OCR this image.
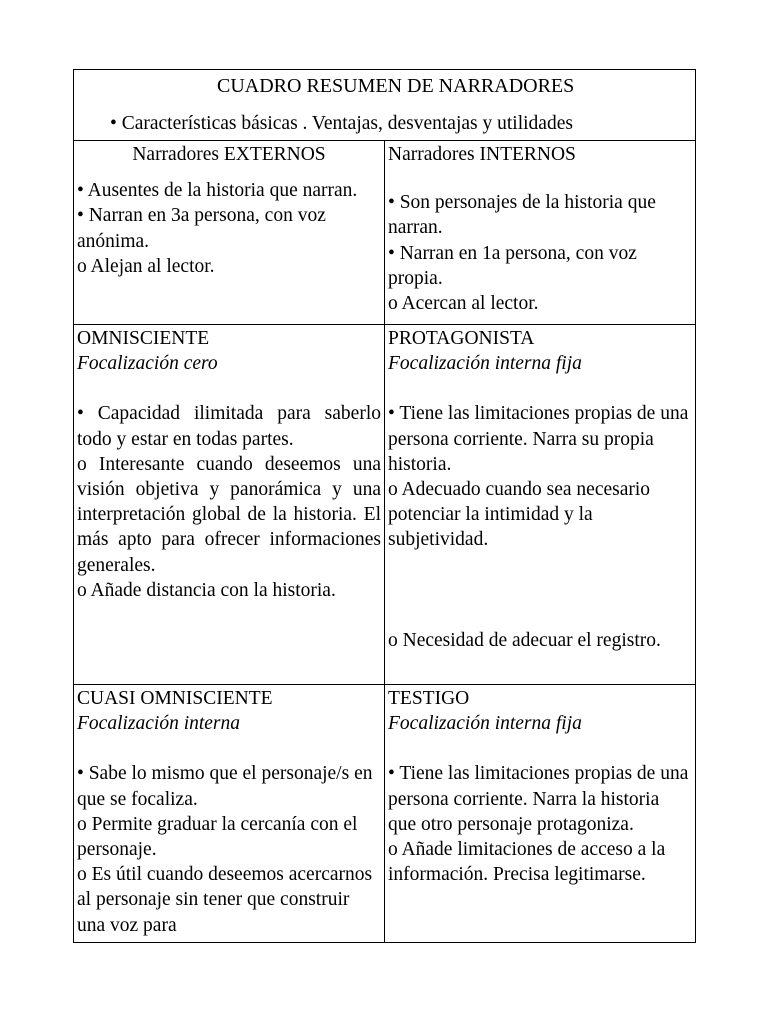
CUADRO RESUMEN DE NARRADORES
• Características básicas . Ventajas, desventajas y utilidades

Narradores EXTERNOS

• Ausentes de la historia que narran.

• Narran en 3a persona, con voz anónima.

o Alejan al lector.

Narradores INTERNOS

• Son personajes de la historia que narran.

• Narran en 1a persona, con voz propia.

o Acercan al lector.

OMNISCIENTE

Focalización cero

• Capacidad ilimitada para saberlo todo y estar en todas partes.

o Interesante cuando deseemos una visión objetiva y panorámica y una interpretación global de la historia. El más apto para ofrecer informaciones generales.

o Añade distancia con la historia.

PROTAGONISTA

Focalización interna fija

• Tiene las limitaciones propias de una persona corriente. Narra su propia historia.

o Adecuado cuando sea necesario potenciar la intimidad y la subjetividad.

o Necesidad de adecuar el registro.

CUASI OMNISCIENTE

Focalización interna

• Sabe lo mismo que el personaje/s en que se focaliza.

o Permite graduar la cercanía con el personaje.

o Es útil cuando deseemos acercarnos al personaje sin tener que construir una voz para

TESTIGO

Focalización interna fija

• Tiene las limitaciones propias de una persona corriente. Narra la historia que otro personaje protagoniza.

o Añade limitaciones de acceso a la información. Precisa legitimarse.
